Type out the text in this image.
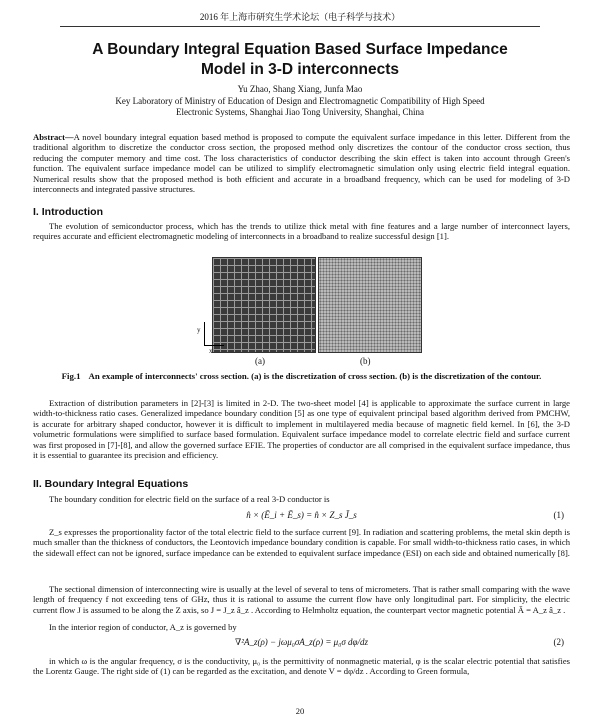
2016 年上海市研究生学术论坛（电子科学与技术）
A Boundary Integral Equation Based Surface Impedance
Model in 3-D interconnects
Yu Zhao, Shang Xiang, Junfa Mao
Key Laboratory of Ministry of Education of Design and Electromagnetic Compatibility of High Speed
Electronic Systems, Shanghai Jiao Tong University, Shanghai, China
Abstract—A novel boundary integral equation based method is proposed to compute the equivalent surface impedance in this letter. Different from the traditional algorithm to discretize the conductor cross section, the proposed method only discretizes the contour of the conductor cross section, thus reducing the computer memory and time cost. The loss characteristics of conductor describing the skin effect is taken into account through Green's function. The equivalent surface impedance model can be utilized to simplify electromagnetic simulation only using electric field integral equation. Numerical results show that the proposed method is both efficient and accurate in a broadband frequency, which can be used for modeling of 3-D interconnects and integrated passive structures.
I. Introduction
The evolution of semiconductor process, which has the trends to utilize thick metal with fine features and a large number of interconnect layers, requires accurate and efficient electromagnetic modeling of interconnects in a broadband to realize successful design [1].
y
x
(a)	(b)
Fig.1 An example of interconnects' cross section. (a) is the discretization of cross section. (b) is the discretization of the contour.
Extraction of distribution parameters in [2]-[3] is limited in 2-D. The two-sheet model [4] is applicable to approximate the surface current in large width-to-thickness ratio cases. Generalized impedance boundary condition [5] as one type of equivalent principal based algorithm derived from PMCHW, is accurate for arbitrary shaped conductor, however it is difficult to implement in multilayered media because of magnetic field kernel. In [6], the 3-D volumetric formulations were simplified to surface based formulation. Equivalent surface impedance model to correlate electric field and surface current was first proposed in [7]-[8], and allow the governed surface EFIE. The properties of conductor are all comprised in the equivalent surface impedance, thus it is essential to guarantee its precision and efficiency.
II. Boundary Integral Equations
The boundary condition for electric field on the surface of a real 3-D conductor is
n̂ × (Ē_i + Ē_s) = n̂ × Z_s J̄_s	(1)
Z_s expresses the proportionality factor of the total electric field to the surface current [9]. In radiation and scattering problems, the metal skin depth is much smaller than the thickness of conductors, the Leontovich impedance boundary condition is capable. For small width-to-thickness ratio cases, in which the sidewall effect can not be ignored, surface impedance can be extended to equivalent surface impedance (ESI) on each side and obtained numerically [8].
The sectional dimension of interconnecting wire is usually at the level of several to tens of micrometers. That is rather small comparing with the wave length of frequency f not exceeding tens of GHz, thus it is rational to assume the current flow have only longitudinal part. For simplicity, the electric current flow J is assumed to be along the Z axis, so J = J_z â_z . According to Helmholtz equation, the counterpart vector magnetic potential Ā = A_z â_z .
In the interior region of conductor, A_z is governed by
∇²A_z(ρ) − jωμ₀σA_z(ρ) = μ₀σ dφ/dz	(2)
in which ω is the angular frequency, σ is the conductivity, μ₀ is the permittivity of nonmagnetic material, φ is the scalar electric potential that satisfies the Lorentz Gauge. The right side of (1) can be regarded as the excitation, and denote V = dφ/dz . According to Green formula,
20
